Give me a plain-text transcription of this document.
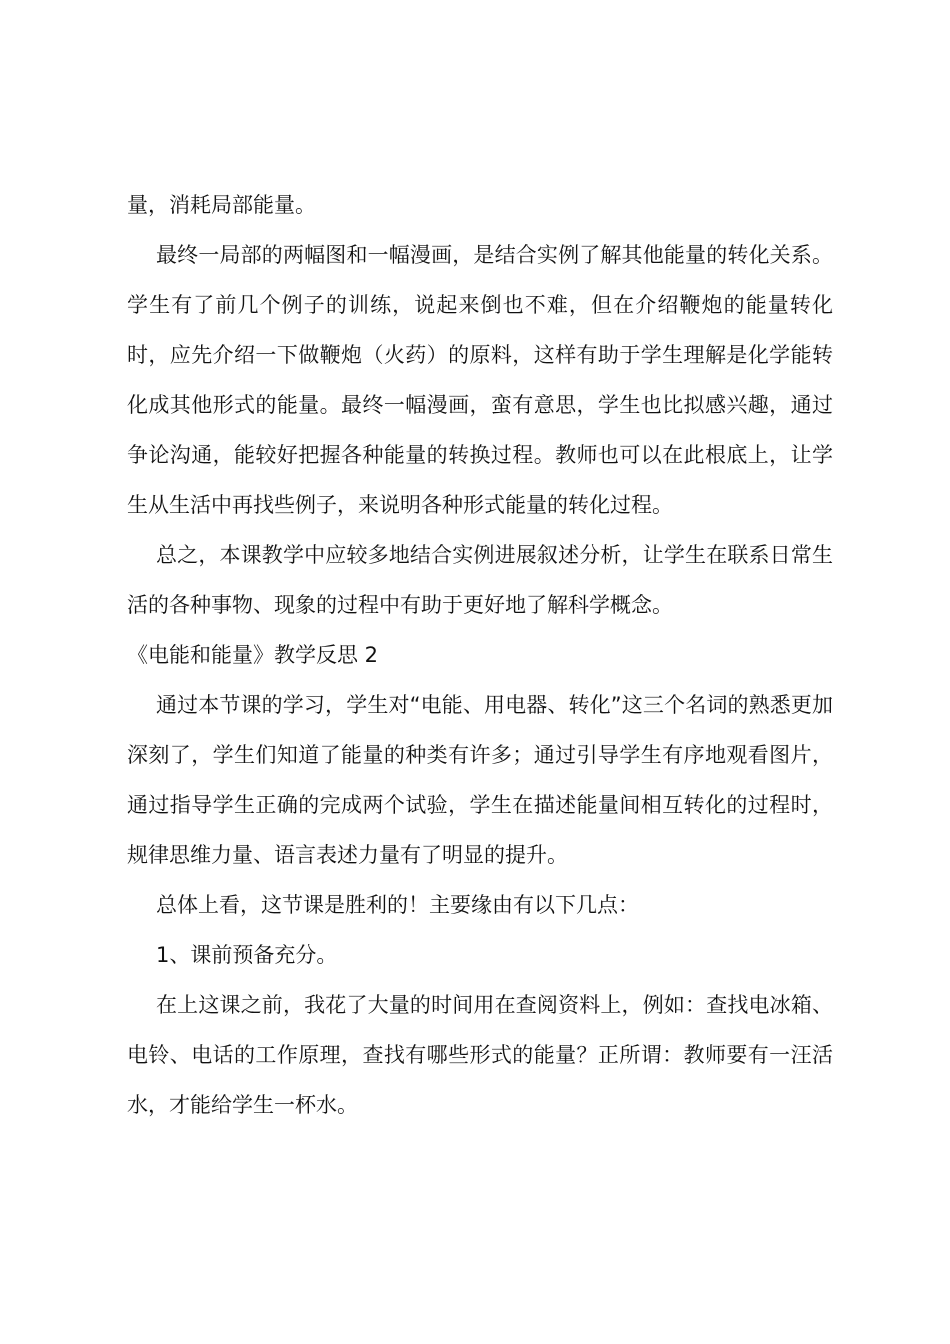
量，消耗局部能量。

最终一局部的两幅图和一幅漫画，是结合实例了解其他能量的转化关系。学生有了前几个例子的训练，说起来倒也不难，但在介绍鞭炮的能量转化时，应先介绍一下做鞭炮（火药）的原料，这样有助于学生理解是化学能转化成其他形式的能量。最终一幅漫画，蛮有意思，学生也比拟感兴趣，通过争论沟通，能较好把握各种能量的转换过程。教师也可以在此根底上，让学生从生活中再找些例子，来说明各种形式能量的转化过程。

总之，本课教学中应较多地结合实例进展叙述分析，让学生在联系日常生活的各种事物、现象的过程中有助于更好地了解科学概念。

《电能和能量》教学反思 2

通过本节课的学习，学生对“电能、用电器、转化”这三个名词的熟悉更加深刻了，学生们知道了能量的种类有许多；通过引导学生有序地观看图片，通过指导学生正确的完成两个试验，学生在描述能量间相互转化的过程时，规律思维力量、语言表述力量有了明显的提升。

总体上看，这节课是胜利的！主要缘由有以下几点：

1、课前预备充分。

在上这课之前，我花了大量的时间用在查阅资料上，例如：查找电冰箱、电铃、电话的工作原理，查找有哪些形式的能量？正所谓：教师要有一汪活水，才能给学生一杯水。
